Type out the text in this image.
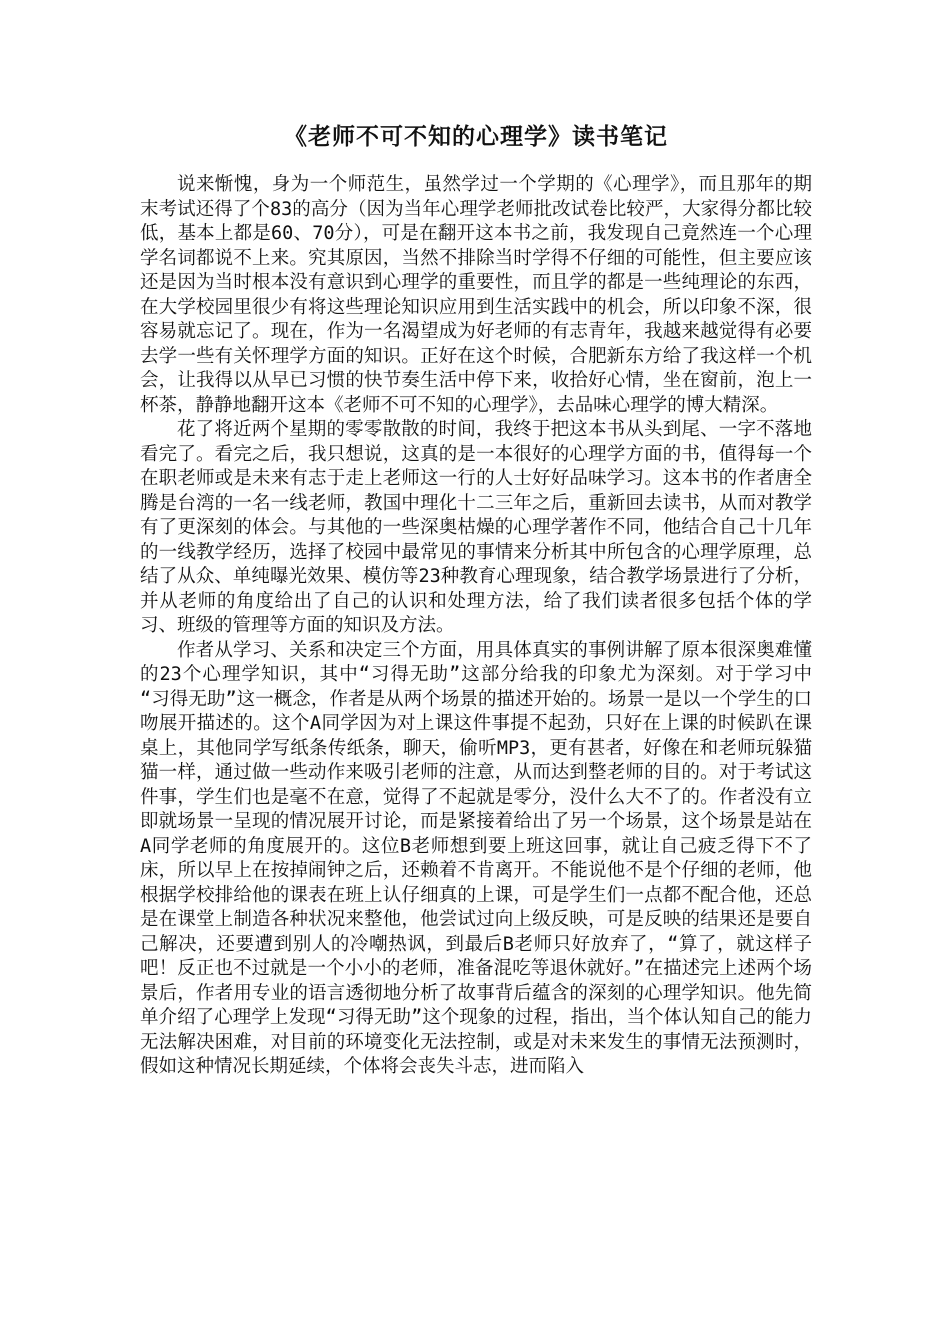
《老师不可不知的心理学》读书笔记

说来惭愧，身为一个师范生，虽然学过一个学期的《心理学》，而且那年的期末考试还得了个83的高分（因为当年心理学老师批改试卷比较严，大家得分都比较低，基本上都是60、70分），可是在翻开这本书之前，我发现自己竟然连一个心理学名词都说不上来。究其原因，当然不排除当时学得不仔细的可能性，但主要应该还是因为当时根本没有意识到心理学的重要性，而且学的都是一些纯理论的东西，在大学校园里很少有将这些理论知识应用到生活实践中的机会，所以印象不深，很容易就忘记了。现在，作为一名渴望成为好老师的有志青年，我越来越觉得有必要去学一些有关怀理学方面的知识。正好在这个时候，合肥新东方给了我这样一个机会，让我得以从早已习惯的快节奏生活中停下来，收拾好心情，坐在窗前，泡上一杯茶，静静地翻开这本《老师不可不知的心理学》，去品味心理学的博大精深。

花了将近两个星期的零零散散的时间，我终于把这本书从头到尾、一字不落地看完了。看完之后，我只想说，这真的是一本很好的心理学方面的书，值得每一个在职老师或是未来有志于走上老师这一行的人士好好品味学习。这本书的作者唐全腾是台湾的一名一线老师，教国中理化十二三年之后，重新回去读书，从而对教学有了更深刻的体会。与其他的一些深奥枯燥的心理学著作不同，他结合自己十几年的一线教学经历，选择了校园中最常见的事情来分析其中所包含的心理学原理，总结了从众、单纯曝光效果、模仿等23种教育心理现象，结合教学场景进行了分析，并从老师的角度给出了自己的认识和处理方法，给了我们读者很多包括个体的学习、班级的管理等方面的知识及方法。

作者从学习、关系和决定三个方面，用具体真实的事例讲解了原本很深奥难懂的23个心理学知识，其中“习得无助”这部分给我的印象尤为深刻。对于学习中 “习得无助”这一概念，作者是从两个场景的描述开始的。场景一是以一个学生的口吻展开描述的。这个A同学因为对上课这件事提不起劲，只好在上课的时候趴在课桌上，其他同学写纸条传纸条，聊天，偷听MP3，更有甚者，好像在和老师玩躲猫猫一样，通过做一些动作来吸引老师的注意，从而达到整老师的目的。对于考试这件事，学生们也是毫不在意，觉得了不起就是零分，没什么大不了的。作者没有立即就场景一呈现的情况展开讨论，而是紧接着给出了另一个场景，这个场景是站在A同学老师的角度展开的。这位B老师想到要上班这回事，就让自己疲乏得下不了床，所以早上在按掉闹钟之后，还赖着不肯离开。不能说他不是个仔细的老师，他根据学校排给他的课表在班上认仔细真的上课，可是学生们一点都不配合他，还总是在课堂上制造各种状况来整他，他尝试过向上级反映，可是反映的结果还是要自己解决，还要遭到别人的冷嘲热讽，到最后B老师只好放弃了，“算了，就这样子吧！反正也不过就是一个小小的老师，准备混吃等退休就好。”在描述完上述两个场景后，作者用专业的语言透彻地分析了故事背后蕴含的深刻的心理学知识。他先简单介绍了心理学上发现“习得无助”这个现象的过程，指出，当个体认知自己的能力无法解决困难，对目前的环境变化无法控制，或是对未来发生的事情无法预测时，假如这种情况长期延续，个体将会丧失斗志，进而陷入
